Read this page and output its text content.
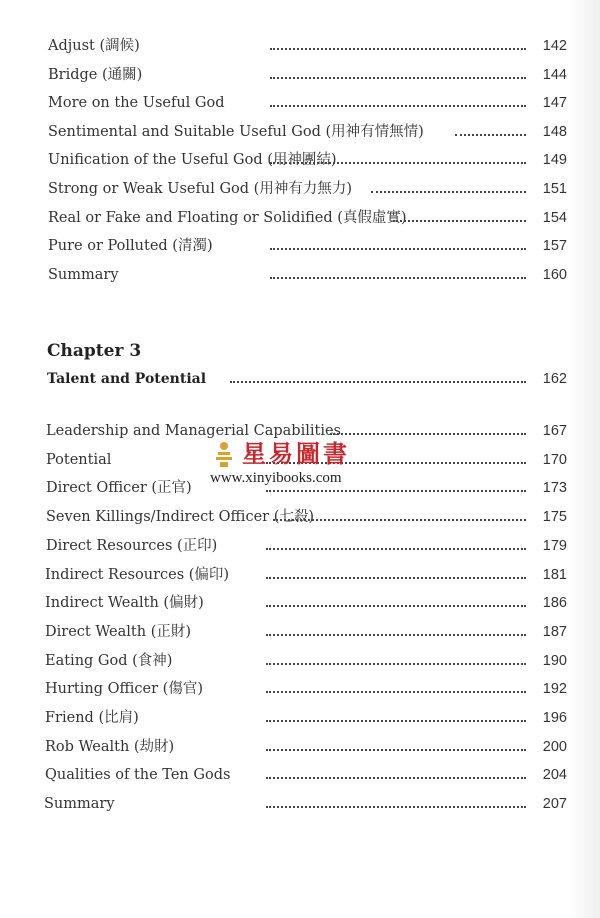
Adjust (調候)	142
Bridge (通關)	144
More on the Useful God	147
Sentimental and Suitable Useful God (用神有情無情)	148
Unification of the Useful God (用神團結)	149
Strong or Weak Useful God (用神有力無力)	151
Real or Fake and Floating or Solidified (真假虛實)	154
Pure or Polluted (清濁)	157
Summary	160
Chapter 3
Talent and Potential	162
Leadership and Managerial Capabilities	167
Potential	170
Direct Officer (正官)	173
Seven Killings/Indirect Officer (七殺)	175
Direct Resources (正印)	179
Indirect Resources (偏印)	181
Indirect Wealth (偏財)	186
Direct Wealth (正財)	187
Eating God (食神)	190
Hurting Officer (傷官)	192
Friend (比肩)	196
Rob Wealth (劫財)	200
Qualities of the Ten Gods	204
Summary	207
星易圖書
www.xinyibooks.com
